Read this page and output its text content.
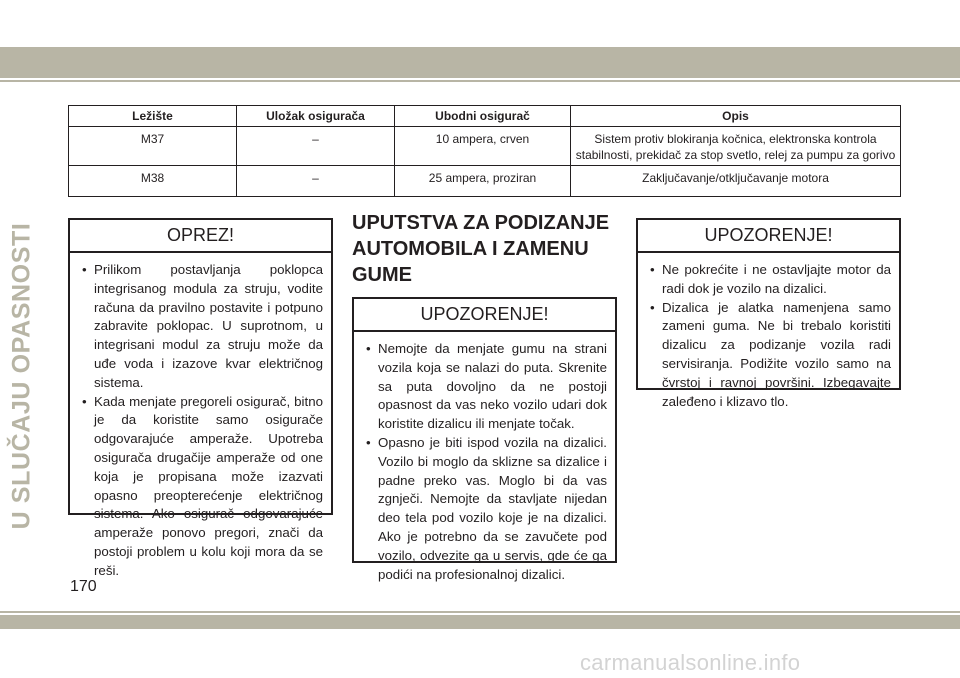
U SLUČAJU OPASNOSTI
Ležište	Uložak osigurača	Ubodni osigurač	Opis
M37	–	10 ampera, crven	Sistem protiv blokiranja kočnica, elektronska kontrola stabilnosti, prekidač za stop svetlo, relej za pumpu za gorivo
M38	–	25 ampera, proziran	Zaključavanje/otključavanje motora
OPREZ!
• Prilikom postavljanja poklopca integrisanog modula za struju, vodite računa da pravilno postavite i potpuno zabravite poklopac. U suprotnom, u integrisani modul za struju može da uđe voda i izazove kvar električnog sistema.
• Kada menjate pregoreli osigurač, bitno je da koristite samo osigurače odgovarajuće amperaže. Upotreba osigurača drugačije amperaže od one koja je propisana može izazvati opasno preopterećenje električnog sistema. Ako osigurač odgovarajuće amperaže ponovo pregori, znači da postoji problem u kolu koji mora da se reši.
UPUTSTVA ZA PODIZANJE AUTOMOBILA I ZAMENU GUME
UPOZORENJE!
• Nemojte da menjate gumu na strani vozila koja se nalazi do puta. Skrenite sa puta dovoljno da ne postoji opasnost da vas neko vozilo udari dok koristite dizalicu ili menjate točak.
• Opasno je biti ispod vozila na dizalici. Vozilo bi moglo da sklizne sa dizalice i padne preko vas. Moglo bi da vas zgnječi. Nemojte da stavljate nijedan deo tela pod vozilo koje je na dizalici. Ako je potrebno da se zavučete pod vozilo, odvezite ga u servis, gde će ga podići na profesionalnoj dizalici.
UPOZORENJE!
• Ne pokrećite i ne ostavljajte motor da radi dok je vozilo na dizalici.
• Dizalica je alatka namenjena samo zameni guma. Ne bi trebalo koristiti dizalicu za podizanje vozila radi servisiranja. Podižite vozilo samo na čvrstoj i ravnoj površini. Izbegavajte zaleđeno i klizavo tlo.
170
carmanualsonline.info
